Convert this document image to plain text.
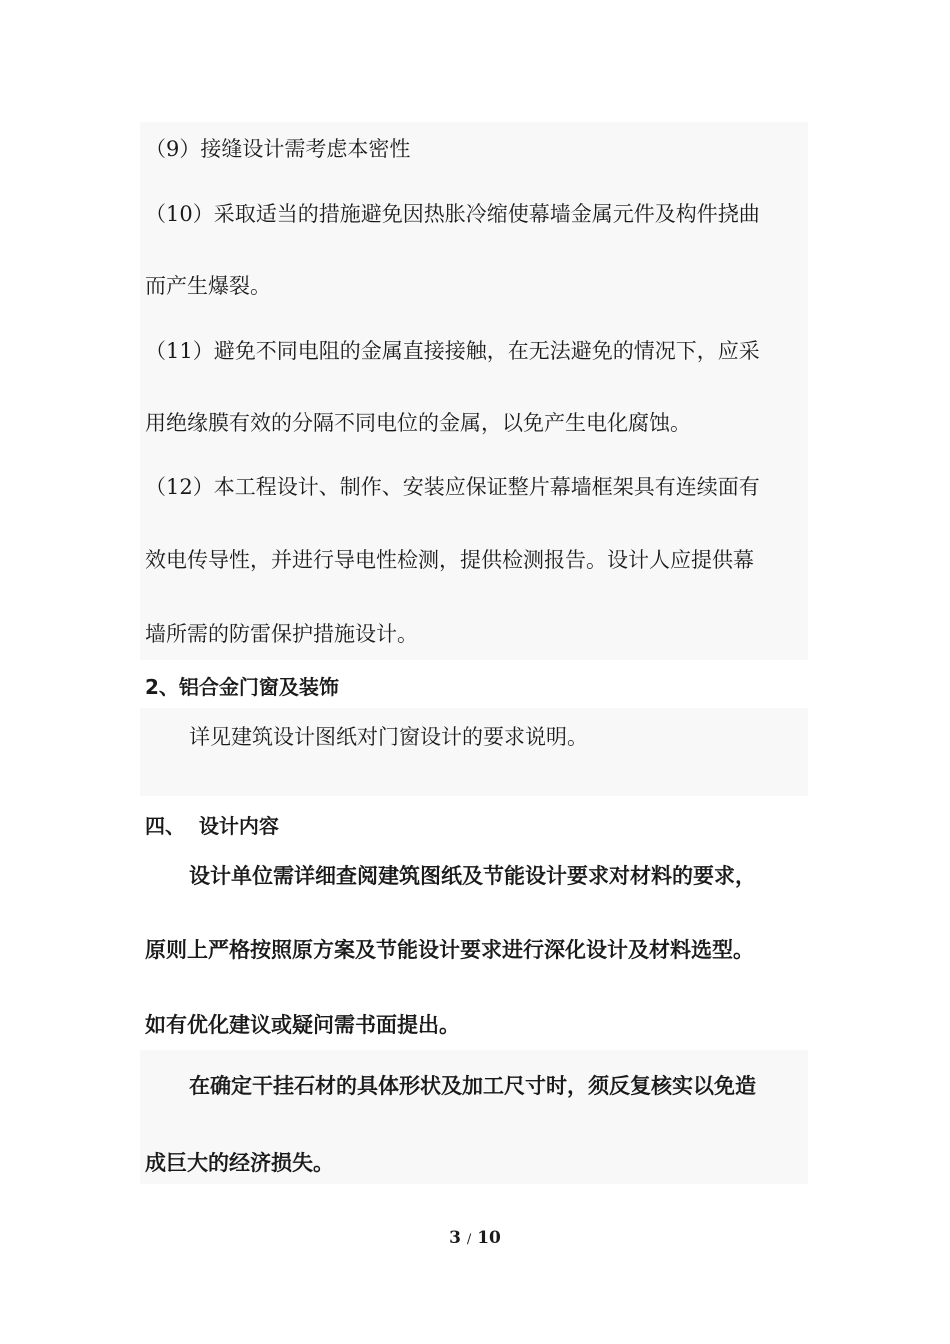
（9）接缝设计需考虑本密性
（10）采取适当的措施避免因热胀冷缩使幕墙金属元件及构件挠曲
而产生爆裂。
（11）避免不同电阻的金属直接接触，在无法避免的情况下，应采
用绝缘膜有效的分隔不同电位的金属，以免产生电化腐蚀。
（12）本工程设计、制作、安装应保证整片幕墙框架具有连续面有
效电传导性，并进行导电性检测，提供检测报告。设计人应提供幕
墙所需的防雷保护措施设计。
2、铝合金门窗及装饰
详见建筑设计图纸对门窗设计的要求说明。
四、  设计内容
设计单位需详细查阅建筑图纸及节能设计要求对材料的要求，
原则上严格按照原方案及节能设计要求进行深化设计及材料选型。
如有优化建议或疑问需书面提出。
在确定干挂石材的具体形状及加工尺寸时，须反复核实以免造
成巨大的经济损失。
3 / 10
